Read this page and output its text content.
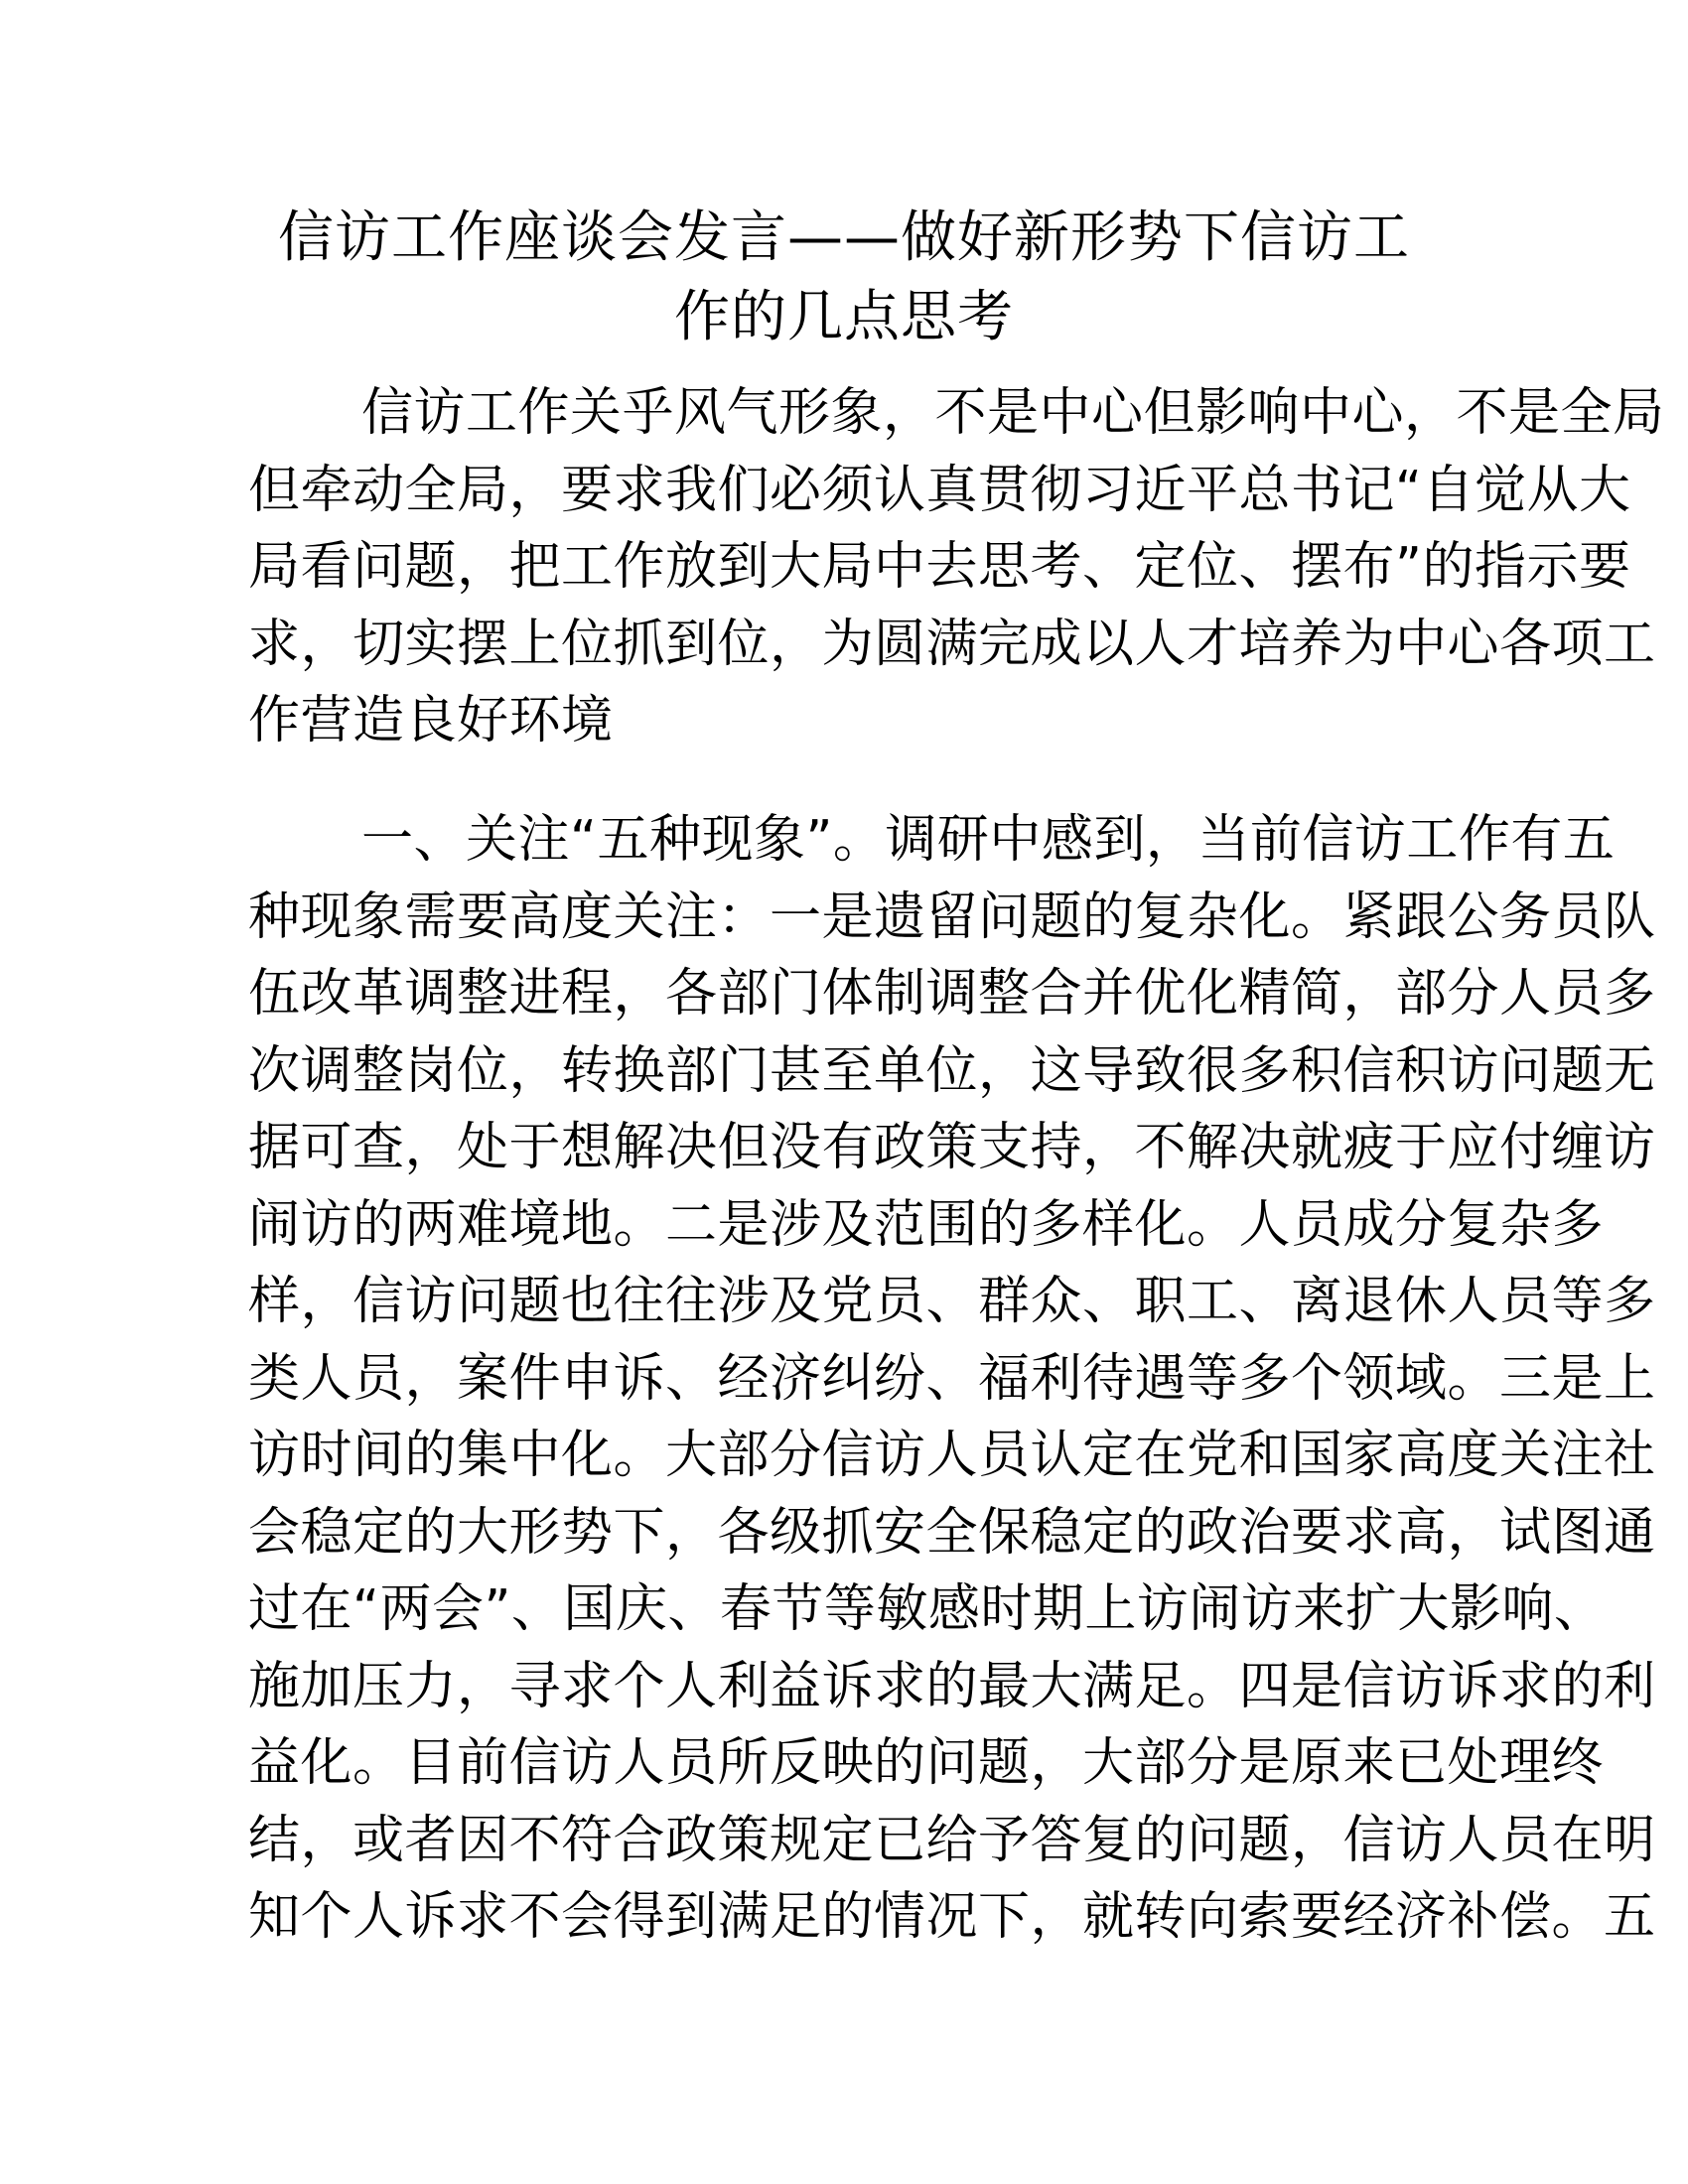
信访工作座谈会发言——做好新形势下信访工
作的几点思考
信访工作关乎风气形象，不是中心但影响中心，不是全局
但牵动全局，要求我们必须认真贯彻习近平总书记“自觉从大
局看问题，把工作放到大局中去思考、定位、摆布”的指示要
求，切实摆上位抓到位，为圆满完成以人才培养为中心各项工
作营造良好环境
一、关注“五种现象”。调研中感到，当前信访工作有五
种现象需要高度关注：一是遗留问题的复杂化。紧跟公务员队
伍改革调整进程，各部门体制调整合并优化精简，部分人员多
次调整岗位，转换部门甚至单位，这导致很多积信积访问题无
据可查，处于想解决但没有政策支持，不解决就疲于应付缠访
闹访的两难境地。二是涉及范围的多样化。人员成分复杂多
样，信访问题也往往涉及党员、群众、职工、离退休人员等多
类人员，案件申诉、经济纠纷、福利待遇等多个领域。三是上
访时间的集中化。大部分信访人员认定在党和国家高度关注社
会稳定的大形势下，各级抓安全保稳定的政治要求高，试图通
过在“两会”、国庆、春节等敏感时期上访闹访来扩大影响、
施加压力，寻求个人利益诉求的最大满足。四是信访诉求的利
益化。目前信访人员所反映的问题，大部分是原来已处理终
结，或者因不符合政策规定已给予答复的问题，信访人员在明
知个人诉求不会得到满足的情况下，就转向索要经济补偿。五
